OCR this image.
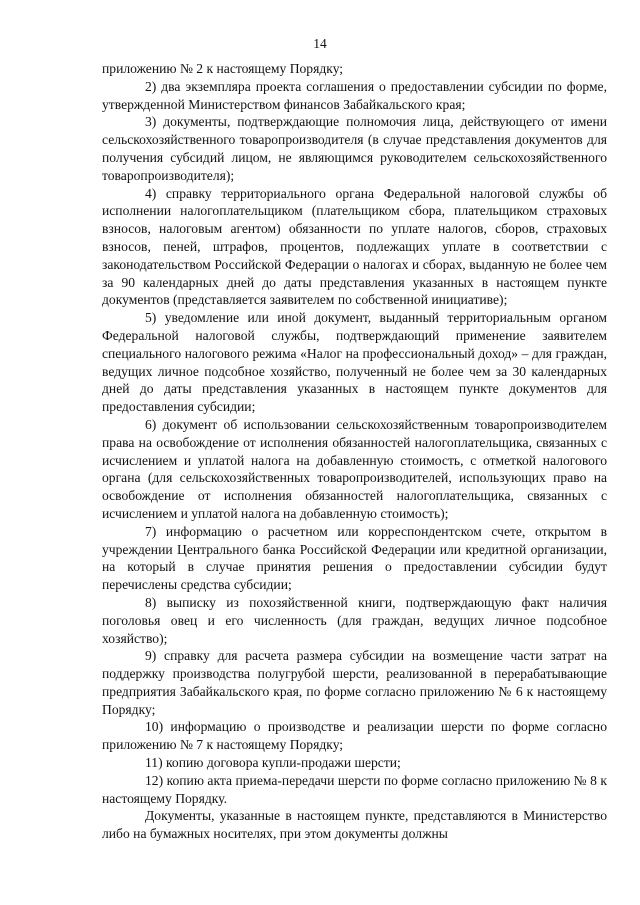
14

приложению № 2 к настоящему Порядку;

2) два экземпляра проекта соглашения о предоставлении субсидии по форме, утвержденной Министерством финансов Забайкальского края;

3) документы, подтверждающие полномочия лица, действующего от имени сельскохозяйственного товаропроизводителя (в случае представления документов для получения субсидий лицом, не являющимся руководителем сельскохозяйственного товаропроизводителя);

4) справку территориального органа Федеральной налоговой службы об исполнении налогоплательщиком (плательщиком сбора, плательщиком страховых взносов, налоговым агентом) обязанности по уплате налогов, сборов, страховых взносов, пеней, штрафов, процентов, подлежащих уплате в соответствии с законодательством Российской Федерации о налогах и сборах, выданную не более чем за 90 календарных дней до даты представления указанных в настоящем пункте документов (представляется заявителем по собственной инициативе);

5) уведомление или иной документ, выданный территориальным органом Федеральной налоговой службы, подтверждающий применение заявителем специального налогового режима «Налог на профессиональный доход» – для граждан, ведущих личное подсобное хозяйство, полученный не более чем за 30 календарных дней до даты представления указанных в настоящем пункте документов для предоставления субсидии;

6) документ об использовании сельскохозяйственным товаропроизводителем права на освобождение от исполнения обязанностей налогоплательщика, связанных с исчислением и уплатой налога на добавленную стоимость, с отметкой налогового органа (для сельскохозяйственных товаропроизводителей, использующих право на освобождение от исполнения обязанностей налогоплательщика, связанных с исчислением и уплатой налога на добавленную стоимость);

7) информацию о расчетном или корреспондентском счете, открытом в учреждении Центрального банка Российской Федерации или кредитной организации, на который в случае принятия решения о предоставлении субсидии будут перечислены средства субсидии;

8) выписку из похозяйственной книги, подтверждающую факт наличия поголовья овец и его численность (для граждан, ведущих личное подсобное хозяйство);

9) справку для расчета размера субсидии на возмещение части затрат на поддержку производства полугрубой шерсти, реализованной в перерабатывающие предприятия Забайкальского края, по форме согласно приложению № 6 к настоящему Порядку;

10) информацию о производстве и реализации шерсти по форме согласно приложению № 7 к настоящему Порядку;

11) копию договора купли-продажи шерсти;

12) копию акта приема-передачи шерсти по форме согласно приложению № 8 к настоящему Порядку.

Документы, указанные в настоящем пункте, представляются в Министерство либо на бумажных носителях, при этом документы должны
